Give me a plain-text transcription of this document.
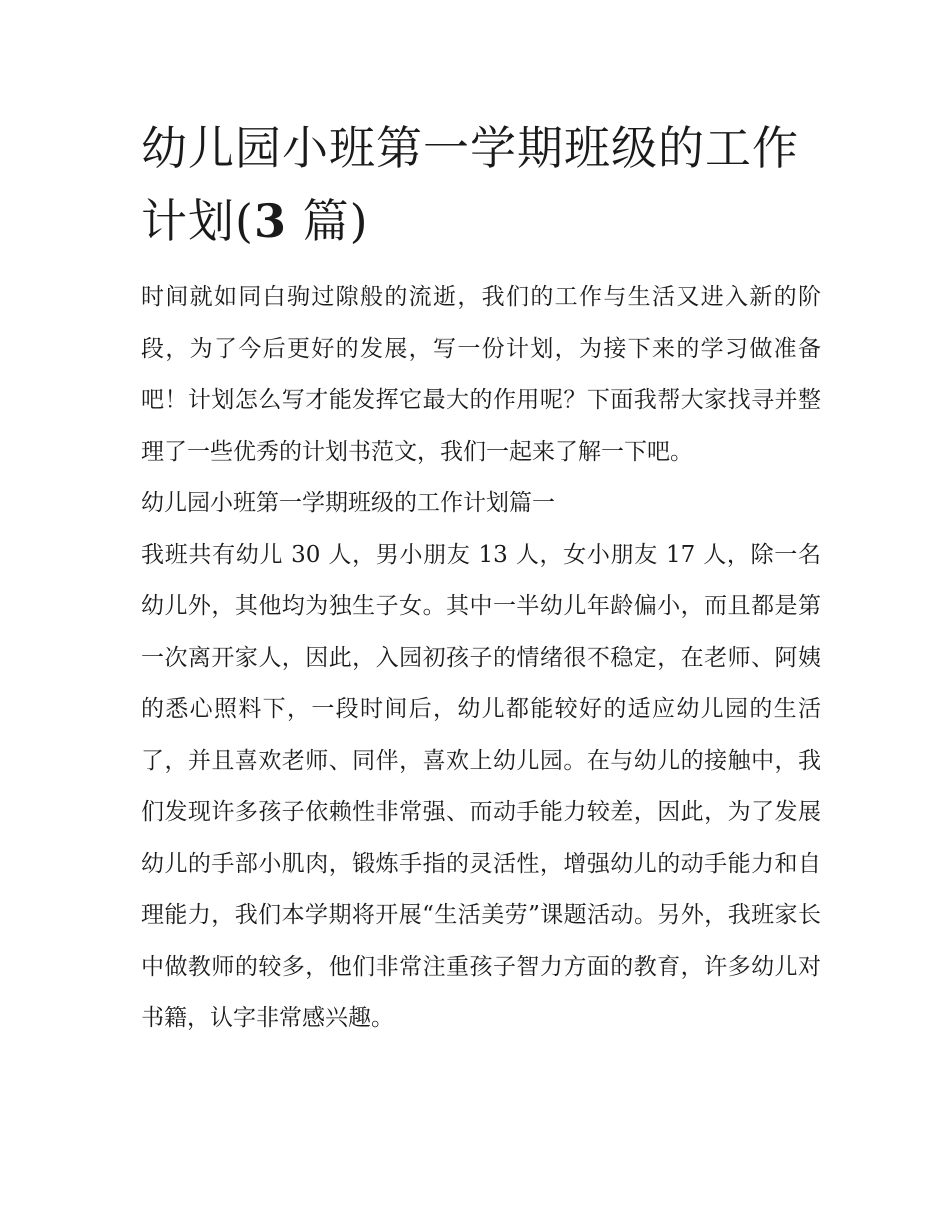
幼儿园小班第一学期班级的工作计划(3 篇)

时间就如同白驹过隙般的流逝，我们的工作与生活又进入新的阶段，为了今后更好的发展，写一份计划，为接下来的学习做准备吧！计划怎么写才能发挥它最大的作用呢？下面我帮大家找寻并整理了一些优秀的计划书范文，我们一起来了解一下吧。

幼儿园小班第一学期班级的工作计划篇一

我班共有幼儿 30 人，男小朋友 13 人，女小朋友 17 人，除一名幼儿外，其他均为独生子女。其中一半幼儿年龄偏小，而且都是第一次离开家人，因此，入园初孩子的情绪很不稳定，在老师、阿姨的悉心照料下，一段时间后，幼儿都能较好的适应幼儿园的生活了，并且喜欢老师、同伴，喜欢上幼儿园。在与幼儿的接触中，我们发现许多孩子依赖性非常强、而动手能力较差，因此，为了发展幼儿的手部小肌肉，锻炼手指的灵活性，增强幼儿的动手能力和自理能力，我们本学期将开展“生活美劳”课题活动。另外，我班家长中做教师的较多，他们非常注重孩子智力方面的教育，许多幼儿对书籍，认字非常感兴趣。
